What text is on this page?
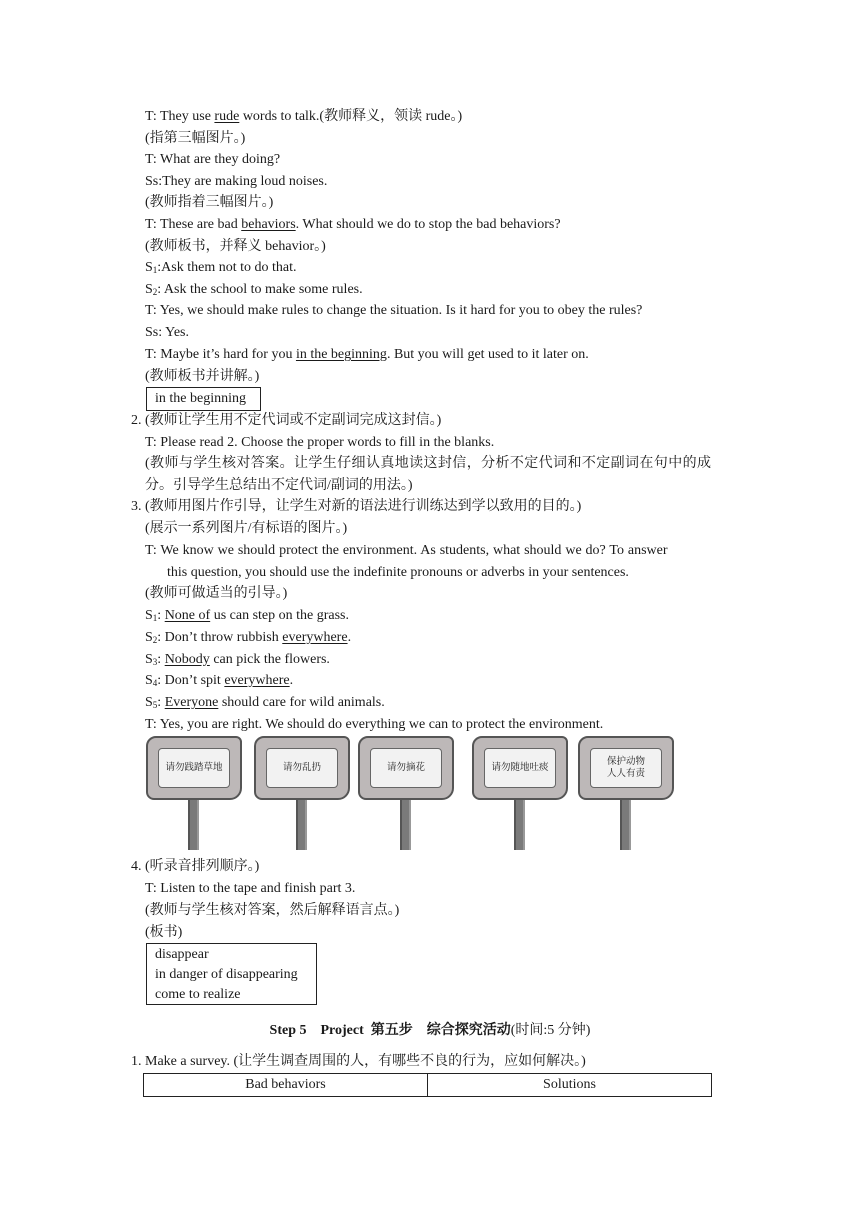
T: They use rude words to talk.(教师释义，领读 rude。)
(指第三幅图片。)
T: What are they doing?
Ss:They are making loud noises.
(教师指着三幅图片。)
T: These are bad behaviors. What should we do to stop the bad behaviors?
(教师板书，并释义 behavior。)
$S_1:Ask$ them not to do that.
$S_2$: Ask the school to make some rules.
T: Yes, we should make rules to change the situation. Is it hard for you to obey the rules?
Ss: Yes.
T: Maybe it’s hard for you in the beginning. But you will get used to it later on.
(教师板书并讲解。)
in the beginning
2. (教师让学生用不定代词或不定副词完成这封信。)
T: Please read 2. Choose the proper words to fill in the blanks.
(教师与学生核对答案。让学生仔细认真地读这封信，分析不定代词和不定副词在句中的成分。引导学生总结出不定代词/副词的用法。)
3. (教师用图片作引导，让学生对新的语法进行训练达到学以致用的目的。)
(展示一系列图片/有标语的图片。)
T: We know we should protect the environment. As students, what should we do? To answer
this question, you should use the indefinite pronouns or adverbs in your sentences.
(教师可做适当的引导。)
$S_1$: None of us can step on the grass.
$S_2$: Don’t throw rubbish everywhere.
$S_3$: Nobody can pick the flowers.
$S_4$: Don’t spit everywhere.
$S_5$: Everyone should care for wild animals.
T: Yes, you are right. We should do everything we can to protect the environment.
请勿践踏草地	请勿乱扔	请勿摘花	请勿随地吐痰
保护动物
人人有责
4. (听录音排列顺序。)
T: Listen to the tape and finish part 3.
(教师与学生核对答案，然后解释语言点。)
(板书)
disappear
in danger of disappearing
come to realize
Step 5    Project  第五步    综合探究活动(时间:5 分钟)
1. Make a survey. (让学生调查周围的人，有哪些不良的行为，应如何解决。)
Bad behaviors	Solutions
